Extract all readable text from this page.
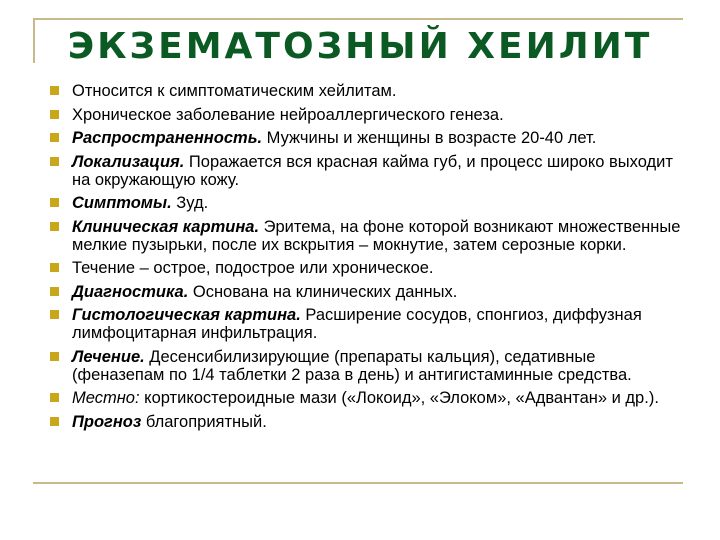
ЭКЗЕМАТОЗНЫЙ ХЕИЛИТ
Относится к симптоматическим хейлитам.
Хроническое заболевание нейроаллергического генеза.
Распространенность. Мужчины и женщины в возрасте 20-40 лет.
Локализация. Поражается вся красная кайма губ, и процесс широко выходит на окружающую кожу.
Симптомы. Зуд.
Клиническая картина. Эритема, на фоне которой возникают множественные мелкие пузырьки, после их вскрытия – мокнутие, затем серозные корки.
Течение – острое, подострое или хроническое.
Диагностика. Основана на клинических данных.
Гистологическая картина. Расширение сосудов, спонгиоз, диффузная лимфоцитарная инфильтрация.
Лечение. Десенсибилизирующие (препараты кальция), седативные (феназепам по 1/4 таблетки 2 раза в день) и антигистаминные средства.
Местно: кортикостероидные мази («Локоид», «Элоком», «Адвантан» и др.).
Прогноз благоприятный.
